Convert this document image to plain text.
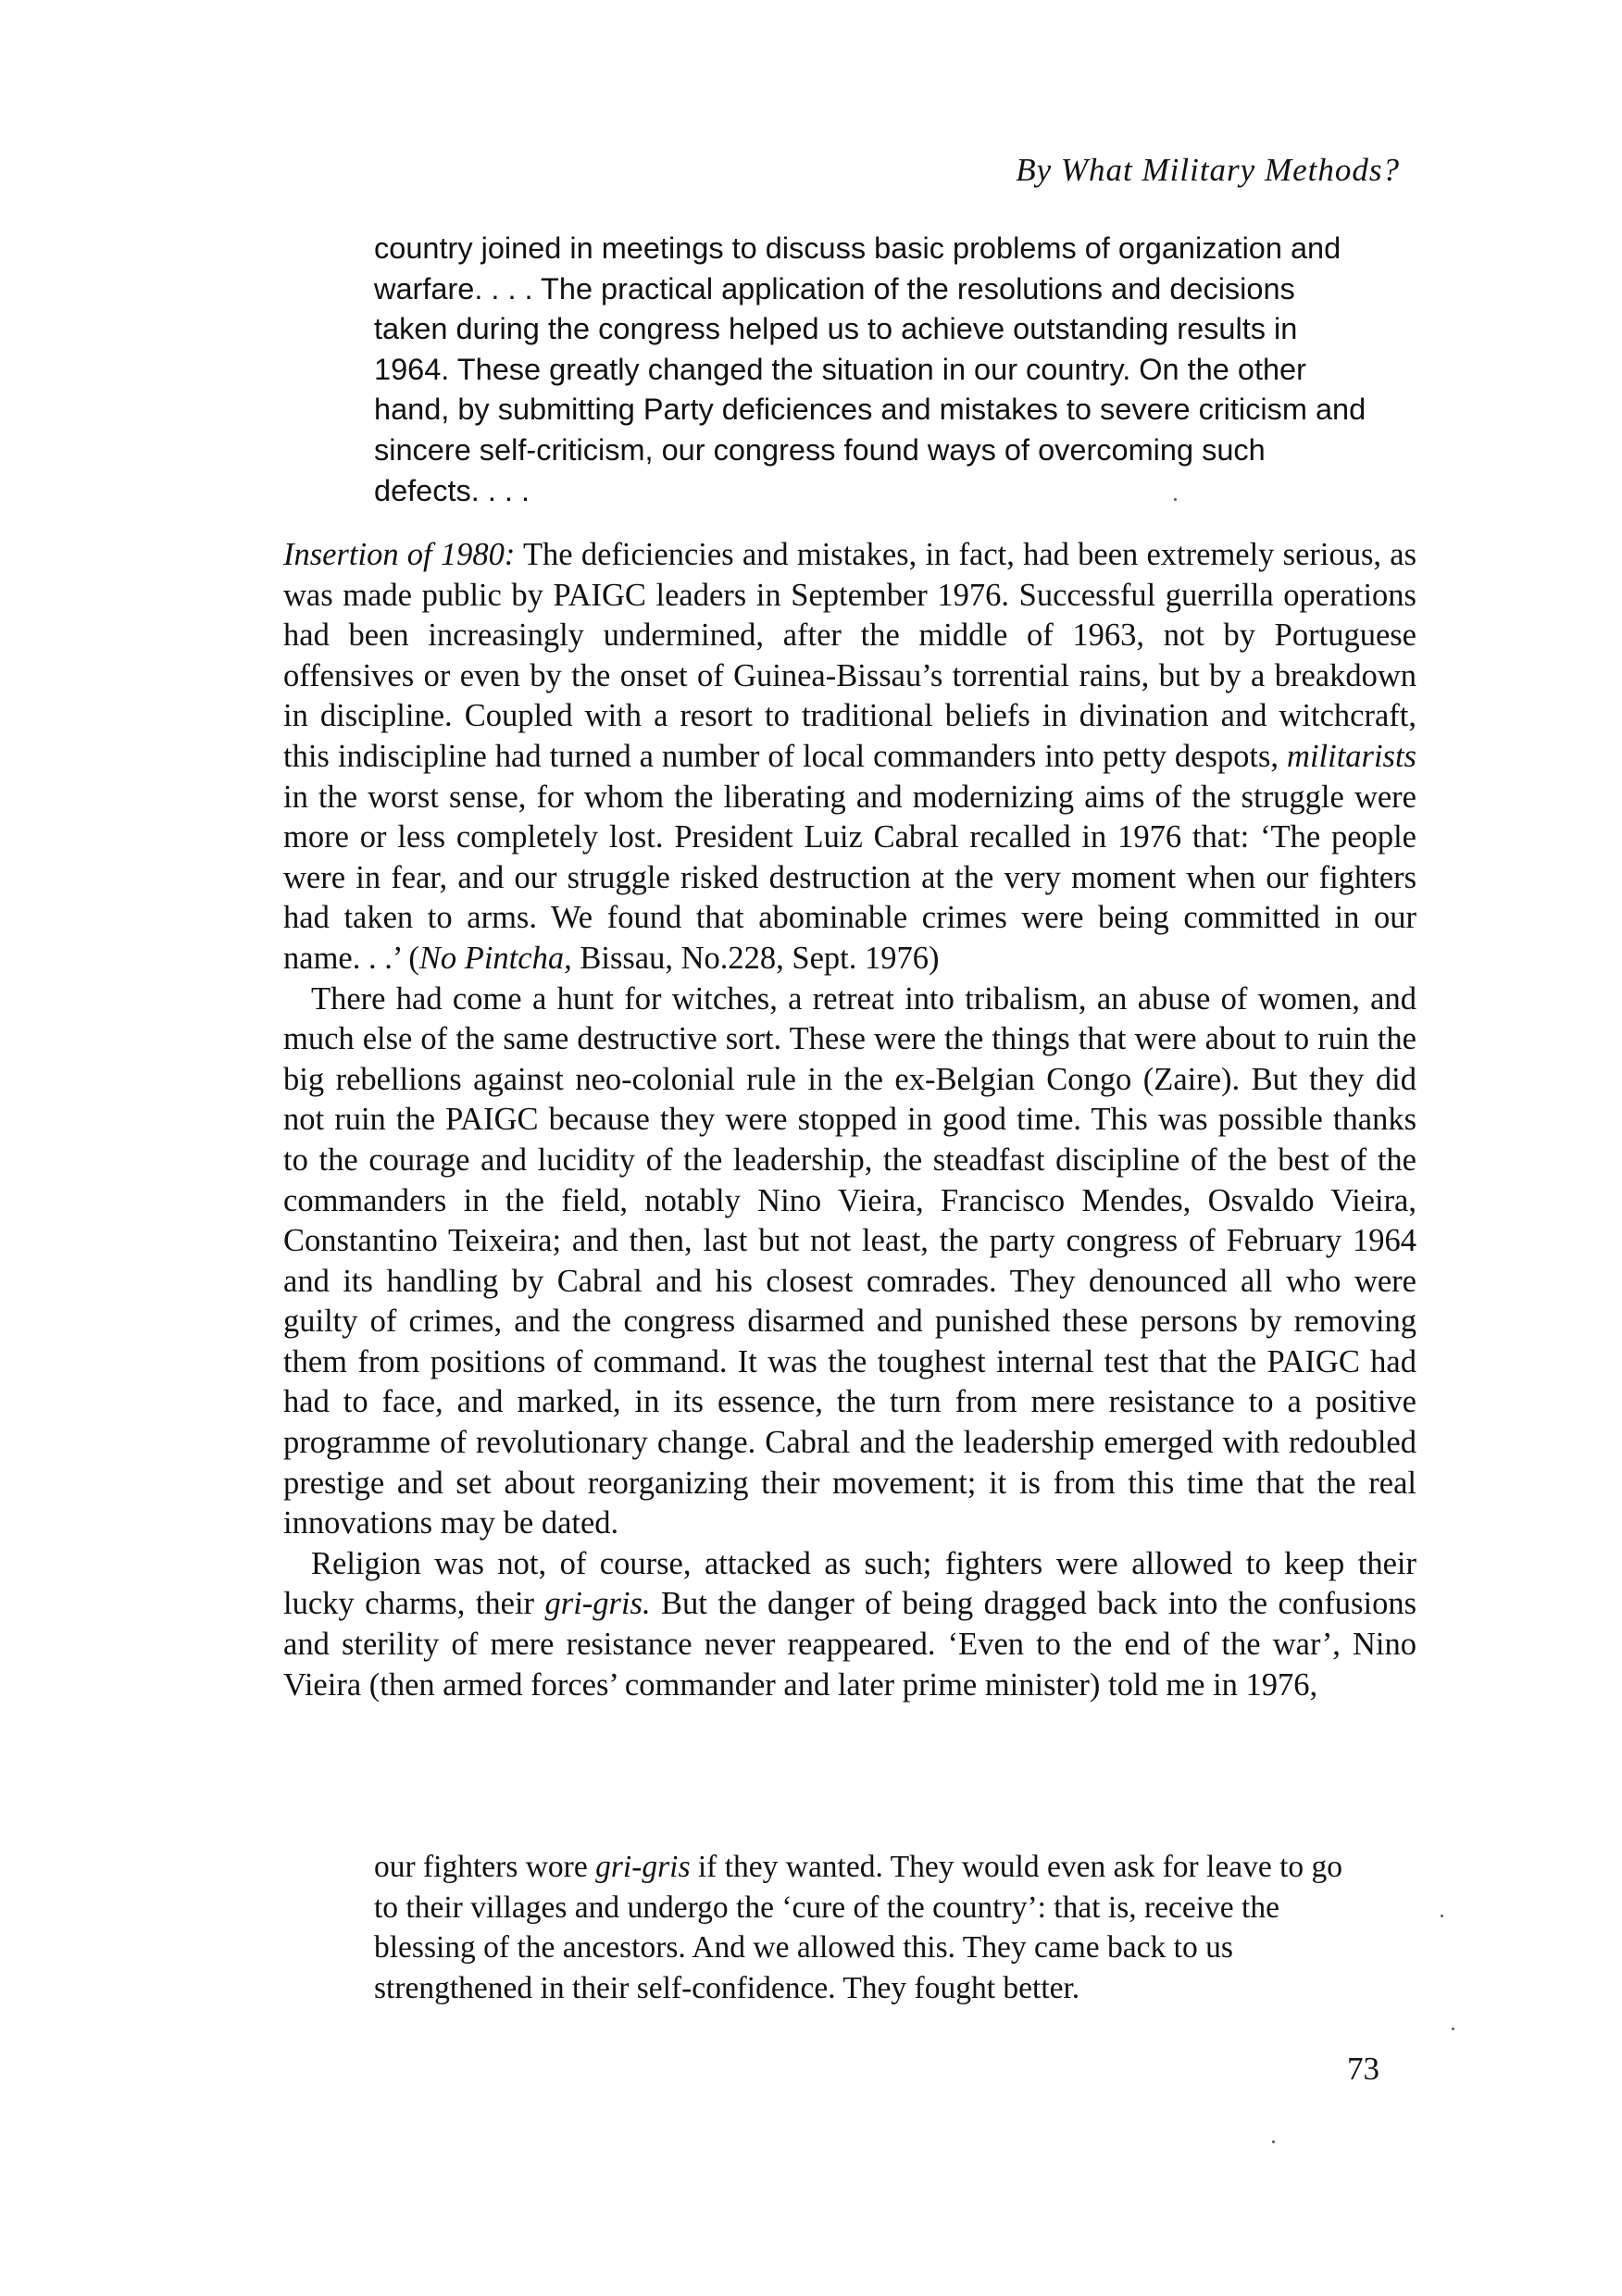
By What Military Methods?

country joined in meetings to discuss basic problems of organization and warfare. . . . The practical application of the resolutions and decisions taken during the congress helped us to achieve outstanding results in 1964. These greatly changed the situation in our country. On the other hand, by submitting Party deficiences and mistakes to severe criticism and sincere self-criticism, our congress found ways of overcoming such defects. . . .

Insertion of 1980: The deficiencies and mistakes, in fact, had been extremely serious, as was made public by PAIGC leaders in September 1976. Successful guerrilla operations had been increasingly undermined, after the middle of 1963, not by Portuguese offensives or even by the onset of Guinea-Bissau’s torrential rains, but by a breakdown in discipline. Coupled with a resort to traditional beliefs in divination and witchcraft, this indiscipline had turned a number of local commanders into petty despots, militarists in the worst sense, for whom the liberating and modernizing aims of the struggle were more or less completely lost. President Luiz Cabral recalled in 1976 that: ‘The people were in fear, and our struggle risked destruction at the very moment when our fighters had taken to arms. We found that abominable crimes were being committed in our name. . .’ (No Pintcha, Bissau, No.228, Sept. 1976)

There had come a hunt for witches, a retreat into tribalism, an abuse of women, and much else of the same destructive sort. These were the things that were about to ruin the big rebellions against neo-colonial rule in the ex-Belgian Congo (Zaire). But they did not ruin the PAIGC because they were stopped in good time. This was possible thanks to the courage and lucidity of the leadership, the steadfast discipline of the best of the commanders in the field, notably Nino Vieira, Francisco Mendes, Osvaldo Vieira, Constantino Teixeira; and then, last but not least, the party congress of February 1964 and its handling by Cabral and his closest comrades. They denounced all who were guilty of crimes, and the congress disarmed and punished these persons by removing them from positions of command. It was the toughest internal test that the PAIGC had had to face, and marked, in its essence, the turn from mere resistance to a positive programme of revolutionary change. Cabral and the leadership emerged with redoubled prestige and set about reorganizing their movement; it is from this time that the real innovations may be dated.

Religion was not, of course, attacked as such; fighters were allowed to keep their lucky charms, their gri-gris. But the danger of being dragged back into the confusions and sterility of mere resistance never reappeared. ‘Even to the end of the war’, Nino Vieira (then armed forces’ commander and later prime minister) told me in 1976,

our fighters wore gri-gris if they wanted. They would even ask for leave to go to their villages and undergo the ‘cure of the country’: that is, receive the blessing of the ancestors. And we allowed this. They came back to us strengthened in their self-confidence. They fought better.

73
